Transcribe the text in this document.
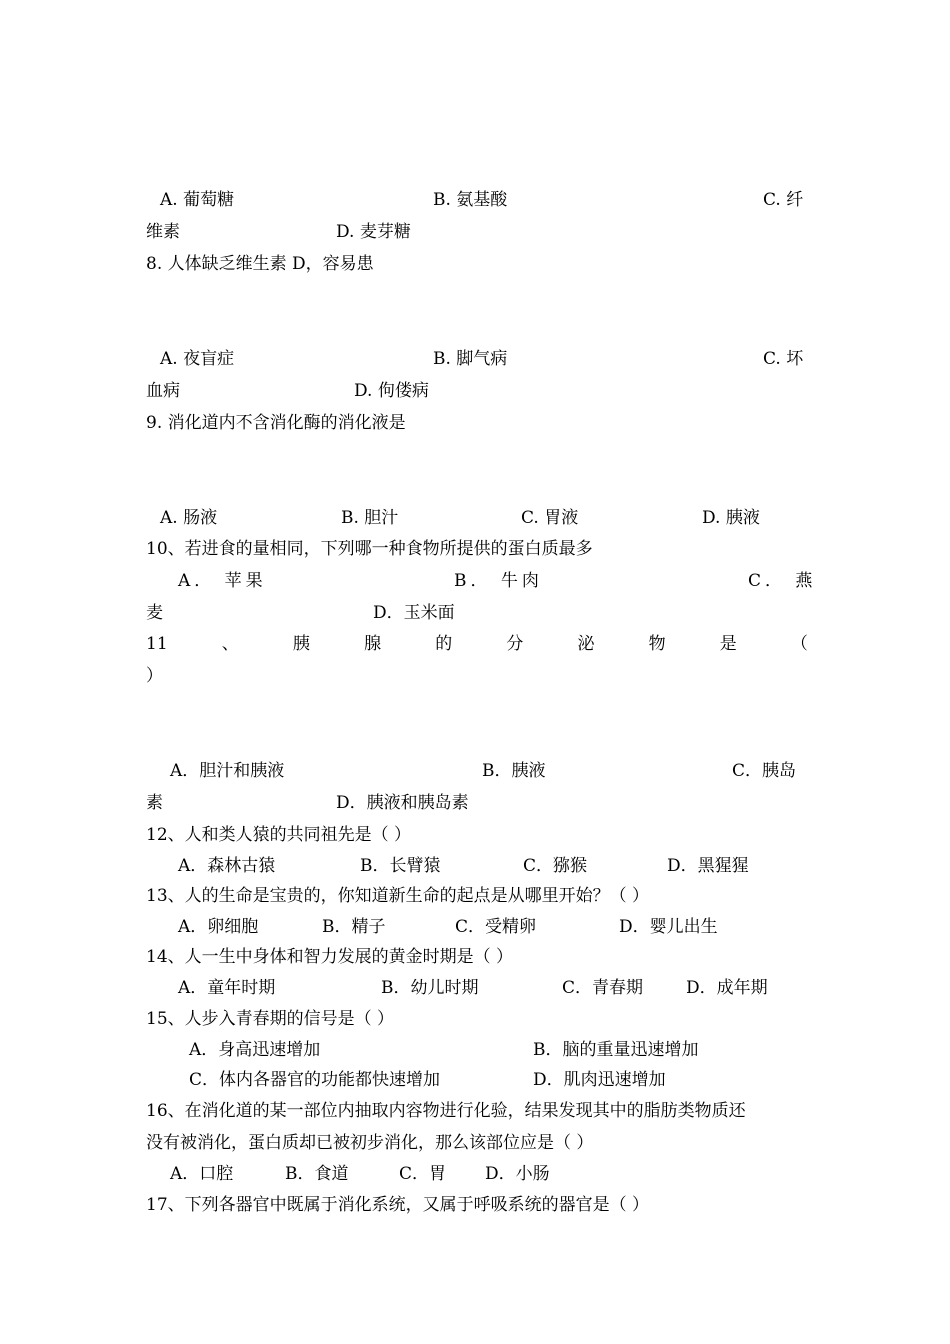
A. 葡萄糖	B. 氨基酸	C. 纤
维素	D. 麦芽糖
8. 人体缺乏维生素 D，容易患
A. 夜盲症	B. 脚气病	C. 坏
血病	D. 佝偻病
9. 消化道内不含消化酶的消化液是
A. 肠液	B. 胆汁	C. 胃液	D. 胰液
10、若进食的量相同，下列哪一种食物所提供的蛋白质最多
A． 苹果	B． 牛肉	C． 燕
麦	D．玉米面
11	、	胰	腺	的	分	泌	物	是	（
）
A．胆汁和胰液	B．胰液	C．胰岛
素	D．胰液和胰岛素
12、人和类人猿的共同祖先是（ ）
A．森林古猿	B．长臂猿	C．猕猴	D．黑猩猩
13、人的生命是宝贵的，你知道新生命的起点是从哪里开始？（ ）
A．卵细胞	B．精子	C．受精卵	D．婴儿出生
14、人一生中身体和智力发展的黄金时期是（ ）
A．童年时期	B．幼儿时期	C．青春期	D．成年期
15、人步入青春期的信号是（ ）
A．身高迅速增加	B．脑的重量迅速增加
C．体内各器官的功能都快速增加	D．肌肉迅速增加
16、在消化道的某一部位内抽取内容物进行化验，结果发现其中的脂肪类物质还
没有被消化，蛋白质却已被初步消化，那么该部位应是（ ）
A．口腔	B．食道	C．胃 D．小肠
17、下列各器官中既属于消化系统，又属于呼吸系统的器官是（ ）
